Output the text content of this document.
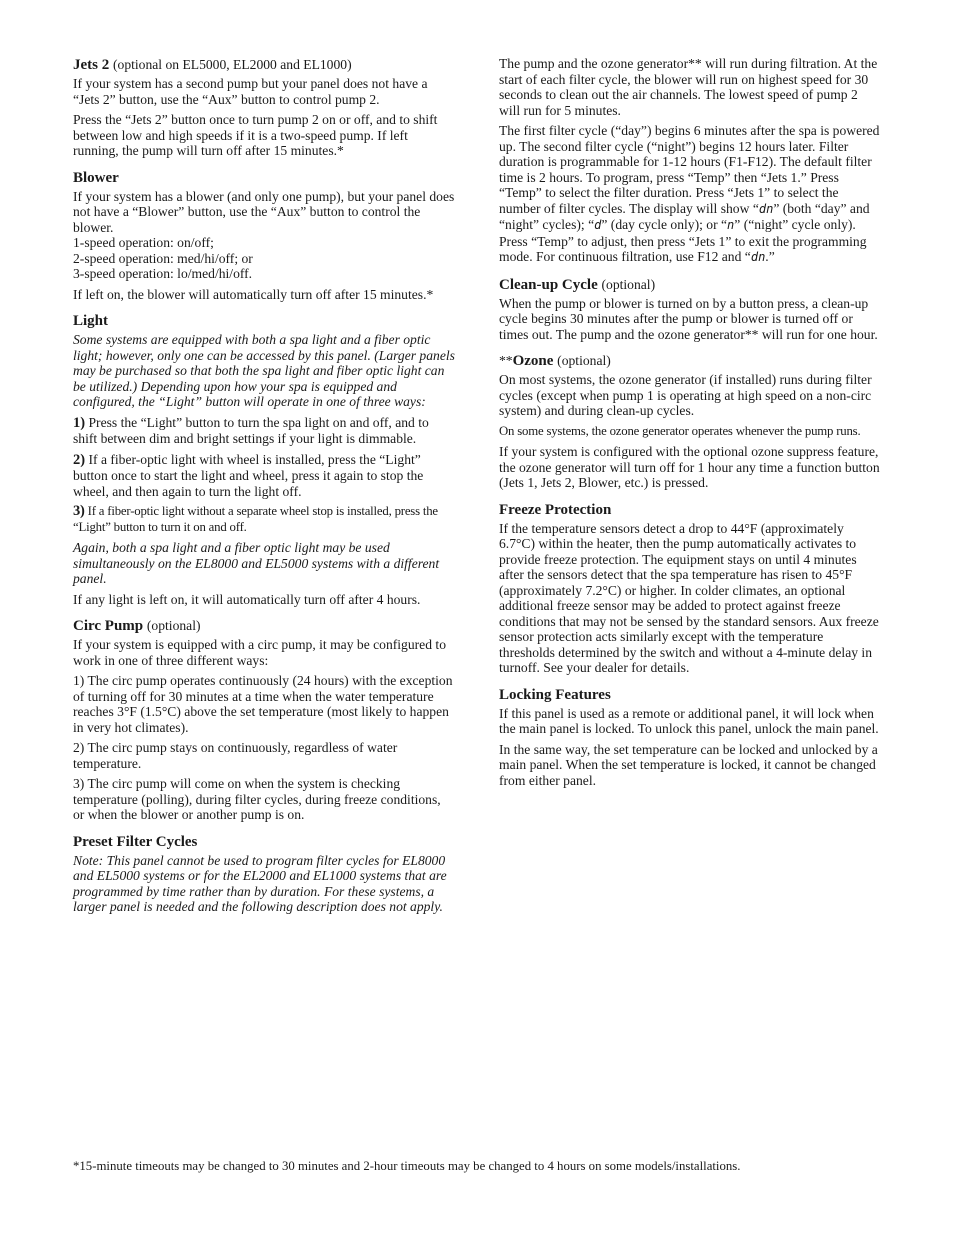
Jets 2 (optional on EL5000, EL2000 and EL1000)

If your system has a second pump but your panel does not have a “Jets 2” button, use the “Aux” button to control pump 2.

Press the “Jets 2” button once to turn pump 2 on or off, and to shift between low and high speeds if it is a two-speed pump. If left running, the pump will turn off after 15 minutes.*

Blower
If your system has a blower (and only one pump), but your panel does not have a “Blower” button, use the “Aux” button to control the blower.
1-speed operation: on/off;
2-speed operation: med/hi/off; or
3-speed operation: lo/med/hi/off.

If left on, the blower will automatically turn off after 15 minutes.*

Light

Some systems are equipped with both a spa light and a fiber optic light; however, only one can be accessed by this panel. (Larger panels may be purchased so that both the spa light and fiber optic light can be utilized.) Depending upon how your spa is equipped and configured, the “Light” button will operate in one of three ways:

1) Press the “Light” button to turn the spa light on and off, and to shift between dim and bright settings if your light is dimmable.

2) If a fiber-optic light with wheel is installed, press the “Light” button once to start the light and wheel, press it again to stop the wheel, and then again to turn the light off.

3) If a fiber-optic light without a separate wheel stop is installed, press the “Light” button to turn it on and off.

Again, both a spa light and a fiber optic light may be used simultaneously on the EL8000 and EL5000 systems with a different panel.

If any light is left on, it will automatically turn off after 4 hours.

Circ Pump (optional)

If your system is equipped with a circ pump, it may be configured to work in one of three different ways:

1) The circ pump operates continuously (24 hours) with the exception of turning off for 30 minutes at a time when the water temperature reaches 3°F (1.5°C) above the set temperature (most likely to happen in very hot climates).

2) The circ pump stays on continuously, regardless of water temperature.

3) The circ pump will come on when the system is checking temperature (polling), during filter cycles, during freeze conditions, or when the blower or another pump is on.

Preset Filter Cycles

Note: This panel cannot be used to program filter cycles for EL8000 and EL5000 systems or for the EL2000 and EL1000 systems that are programmed by time rather than by duration. For these systems, a larger panel is needed and the following description does not apply.

The pump and the ozone generator** will run during filtration. At the start of each filter cycle, the blower will run on highest speed for 30 seconds to clean out the air channels. The lowest speed of pump 2 will run for 5 minutes.

The first filter cycle (“day”) begins 6 minutes after the spa is powered up. The second filter cycle (“night”) begins 12 hours later. Filter duration is programmable for 1-12 hours (F1-F12). The default filter time is 2 hours. To program, press “Temp” then “Jets 1.” Press “Temp” to select the filter duration. Press “Jets 1” to select the number of filter cycles. The display will show “dn” (both “day” and “night” cycles); “d” (day cycle only); or “n” (“night” cycle only). Press “Temp” to adjust, then press “Jets 1” to exit the programming mode. For continuous filtration, use F12 and “dn.”

Clean-up Cycle (optional)

When the pump or blower is turned on by a button press, a clean-up cycle begins 30 minutes after the pump or blower is turned off or times out. The pump and the ozone generator** will run for one hour.

**Ozone (optional)

On most systems, the ozone generator (if installed) runs during filter cycles (except when pump 1 is operating at high speed on a non-circ system) and during clean-up cycles.

On some systems, the ozone generator operates whenever the pump runs.

If your system is configured with the optional ozone suppress feature, the ozone generator will turn off for 1 hour any time a function button (Jets 1, Jets 2, Blower, etc.) is pressed.

Freeze Protection

If the temperature sensors detect a drop to 44°F (approximately 6.7°C) within the heater, then the pump automatically activates to provide freeze protection. The equipment stays on until 4 minutes after the sensors detect that the spa temperature has risen to 45°F (approximately 7.2°C) or higher. In colder climates, an optional additional freeze sensor may be added to protect against freeze conditions that may not be sensed by the standard sensors. Aux freeze sensor protection acts similarly except with the temperature thresholds determined by the switch and without a 4-minute delay in turnoff. See your dealer for details.

Locking Features

If this panel is used as a remote or additional panel, it will lock when the main panel is locked. To unlock this panel, unlock the main panel.

In the same way, the set temperature can be locked and unlocked by a main panel. When the set temperature is locked, it cannot be changed from either panel.

*15-minute timeouts may be changed to 30 minutes and 2-hour timeouts may be changed to 4 hours on some models/installations.
